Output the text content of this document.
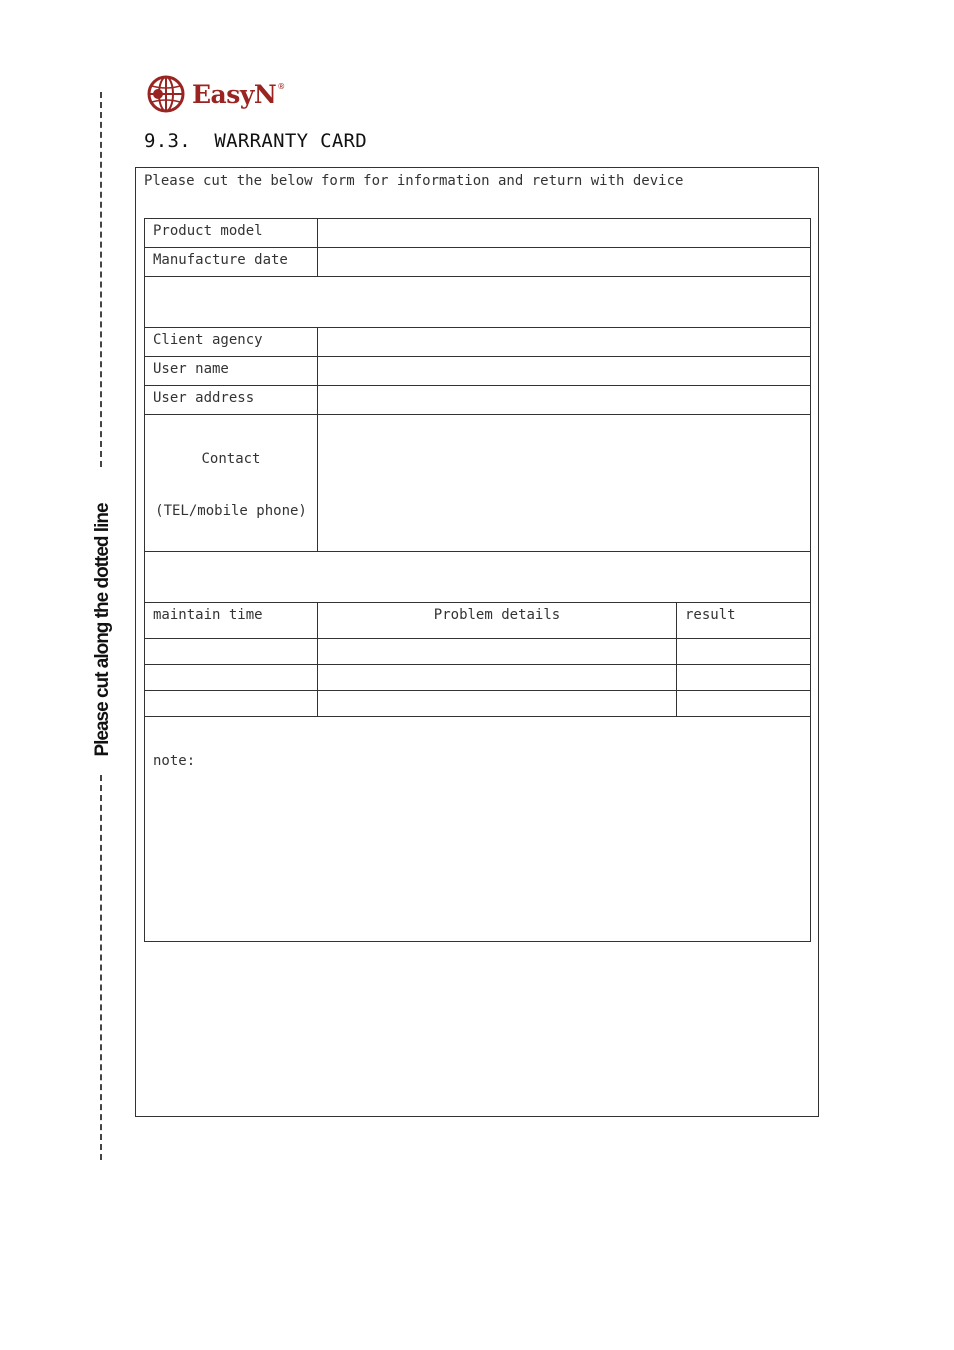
EasyN ®
9.3.  WARRANTY CARD
Please cut along the dotted line
Please cut the below form for information and return with device
Product model		

Manufacture date		

Client agency		

User name		

User address		

Contact

(TEL/mobile phone)		

maintain time	Problem details	result

note:		
